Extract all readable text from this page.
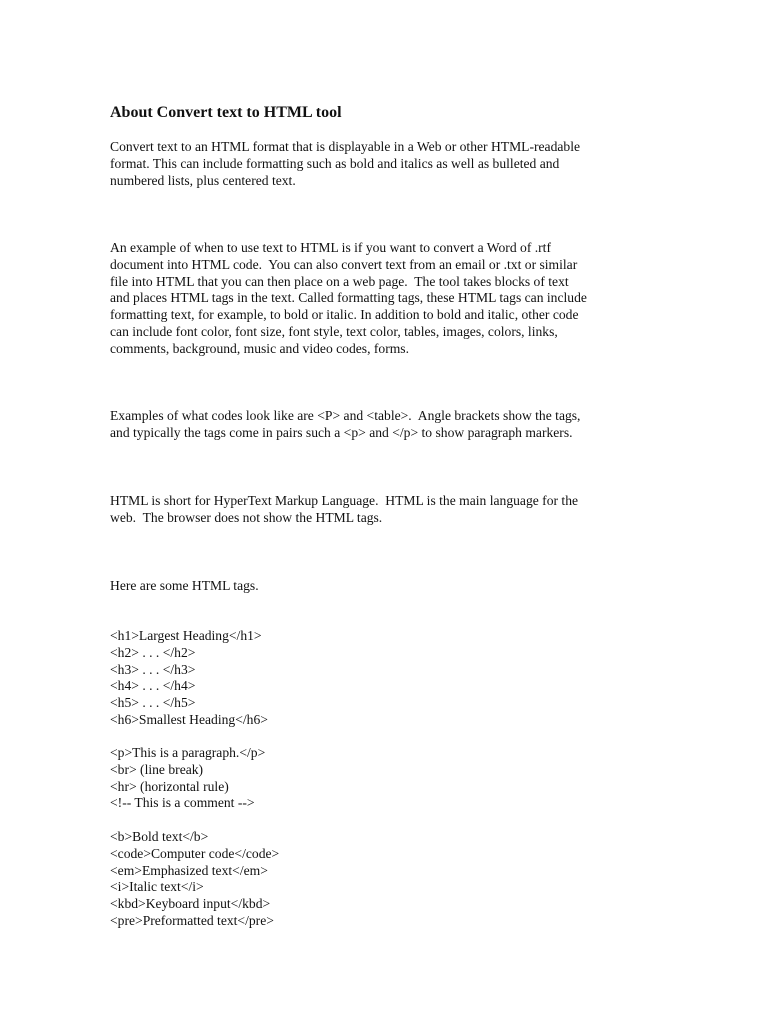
About Convert text to HTML tool

Convert text to an HTML format that is displayable in a Web or other HTML-readable
format. This can include formatting such as bold and italics as well as bulleted and
numbered lists, plus centered text.

An example of when to use text to HTML is if you want to convert a Word of .rtf
document into HTML code.  You can also convert text from an email or .txt or similar
file into HTML that you can then place on a web page.  The tool takes blocks of text
and places HTML tags in the text. Called formatting tags, these HTML tags can include
formatting text, for example, to bold or italic. In addition to bold and italic, other code
can include font color, font size, font style, text color, tables, images, colors, links,
comments, background, music and video codes, forms.

Examples of what codes look like are <P> and <table>.  Angle brackets show the tags,
and typically the tags come in pairs such a <p> and </p> to show paragraph markers.

HTML is short for HyperText Markup Language.  HTML is the main language for the
web.  The browser does not show the HTML tags.

Here are some HTML tags.

<h1>Largest Heading</h1>
<h2> . . . </h2>
<h3> . . . </h3>
<h4> . . . </h4>
<h5> . . . </h5>
<h6>Smallest Heading</h6>
<p>This is a paragraph.</p>
<br> (line break)
<hr> (horizontal rule)
<!-- This is a comment -->
<b>Bold text</b>
<code>Computer code</code>
<em>Emphasized text</em>
<i>Italic text</i>
<kbd>Keyboard input</kbd>
<pre>Preformatted text</pre>
